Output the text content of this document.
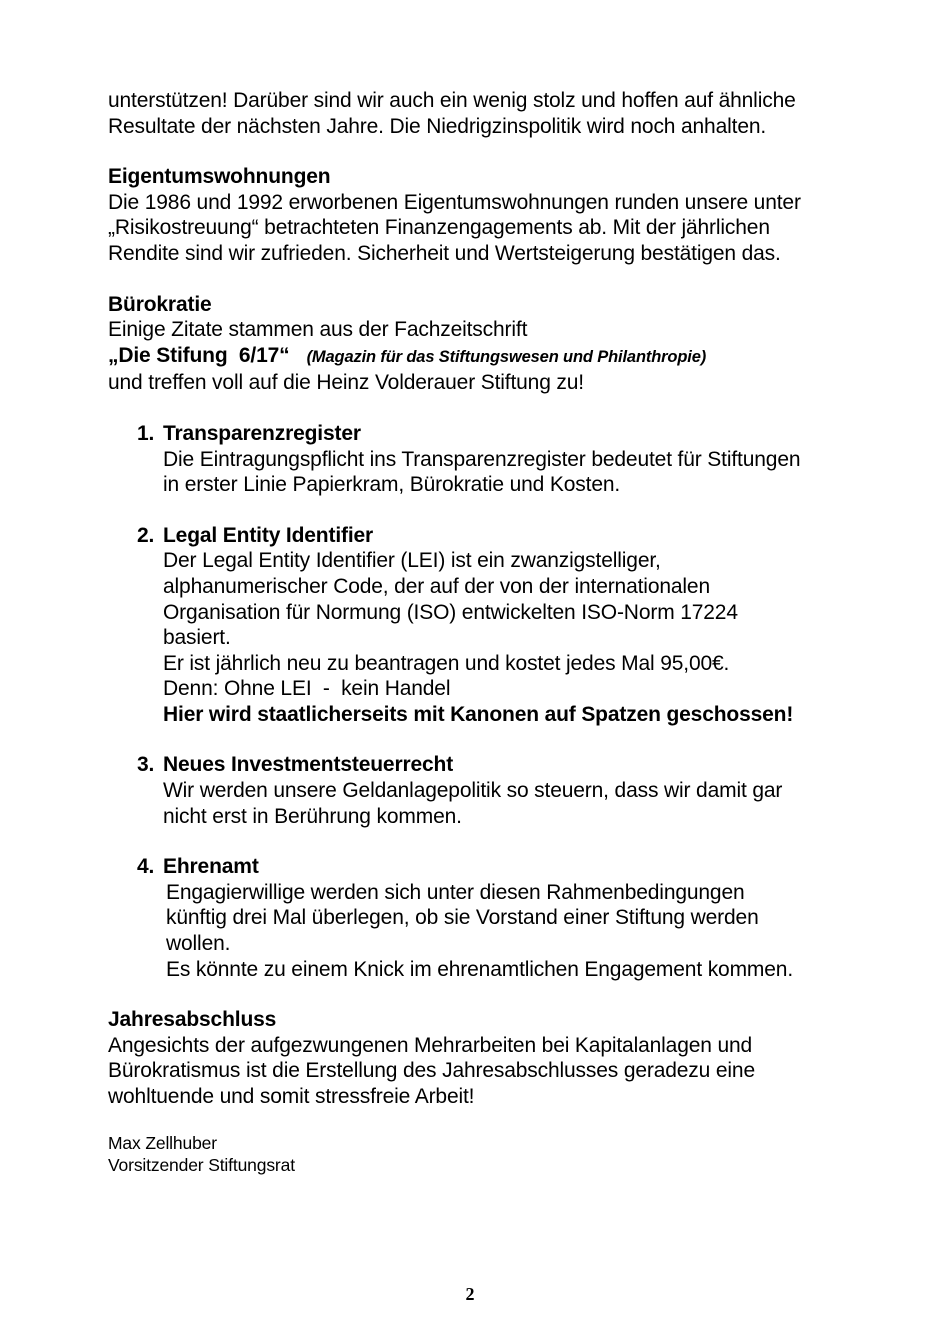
unterstützen! Darüber sind wir auch ein wenig stolz und hoffen auf ähnliche
Resultate der nächsten Jahre. Die Niedrigzinspolitik wird noch anhalten.

Eigentumswohnungen

Die 1986 und 1992 erworbenen Eigentumswohnungen runden unsere unter
„Risikostreuung“ betrachteten Finanzengagements ab. Mit der jährlichen
Rendite sind wir zufrieden. Sicherheit und Wertsteigerung bestätigen das.

Bürokratie

Einige Zitate stammen aus der Fachzeitschrift
„Die Stifung  6/17“ (Magazin für das Stiftungswesen und Philanthropie)
und treffen voll auf die Heinz Volderauer Stiftung zu!

1. Transparenzregister
Die Eintragungspflicht ins Transparenzregister bedeutet für Stiftungen
in erster Linie Papierkram, Bürokratie und Kosten.
2. Legal Entity Identifier
Der Legal Entity Identifier (LEI) ist ein zwanzigstelliger,
alphanumerischer Code, der auf der von der internationalen
Organisation für Normung (ISO) entwickelten ISO-Norm 17224
basiert.
Er ist jährlich neu zu beantragen und kostet jedes Mal 95,00€.
Denn: Ohne LEI  -  kein Handel
Hier wird staatlicherseits mit Kanonen auf Spatzen geschossen!
3. Neues Investmentsteuerrecht
Wir werden unsere Geldanlagepolitik so steuern, dass wir damit gar
nicht erst in Berührung kommen.
4. Ehrenamt
Engagierwillige werden sich unter diesen Rahmenbedingungen
künftig drei Mal überlegen, ob sie Vorstand einer Stiftung werden
wollen.
Es könnte zu einem Knick im ehrenamtlichen Engagement kommen.
Jahresabschluss

Angesichts der aufgezwungenen Mehrarbeiten bei Kapitalanlagen und
Bürokratismus ist die Erstellung des Jahresabschlusses geradezu eine
wohltuende und somit stressfreie Arbeit!

Max Zellhuber
Vorsitzender Stiftungsrat
2
